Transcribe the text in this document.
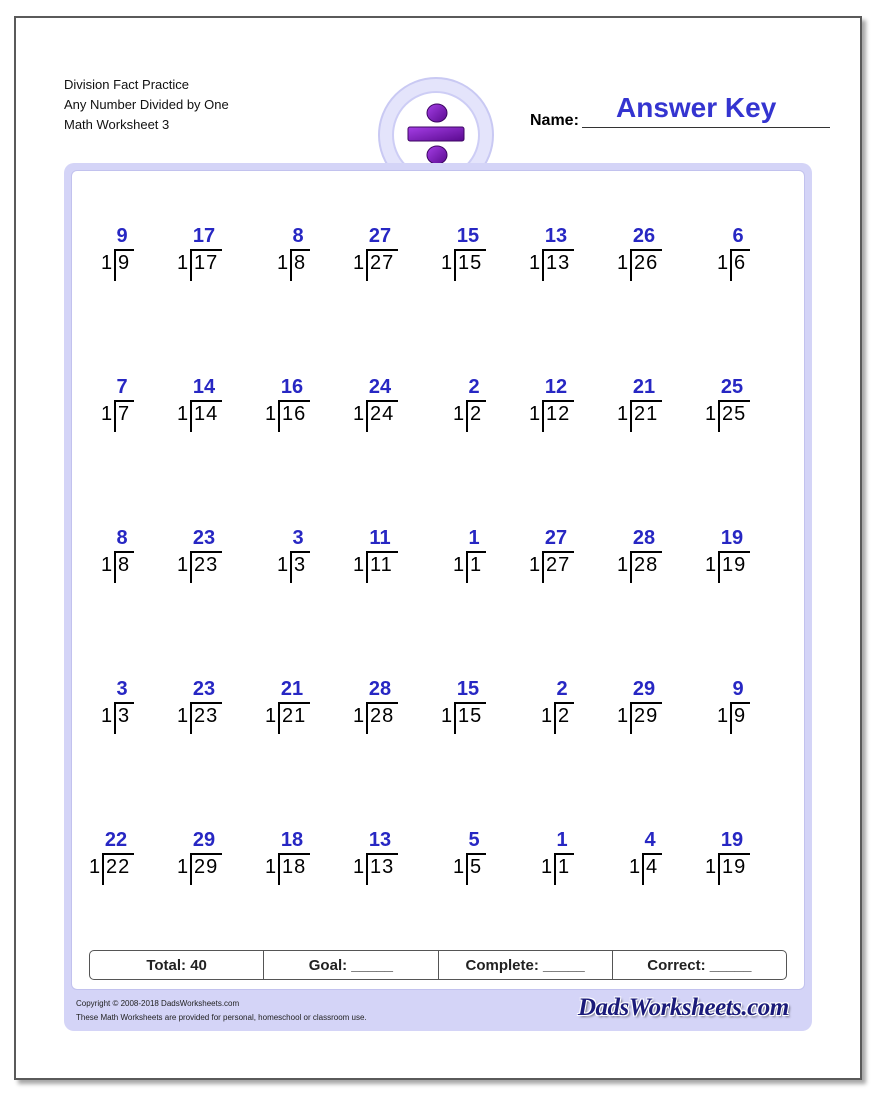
Division Fact Practice
Any Number Divided by One
Math Worksheet 3	Name: Answer Key
9
1 9
17
1 17
8
1 8
27
1 27
15
1 15
13
1 13
26
1 26
6
1 6
7
1 7
14
1 14
16
1 16
24
1 24
2
1 2
12
1 12
21
1 21
25
1 25
8
1 8
23
1 23
3
1 3
11
1 11
1
1 1
27
1 27
28
1 28
19
1 19
3
1 3
23
1 23
21
1 21
28
1 28
15
1 15
2
1 2
29
1 29
9
1 9
22
1 22
29
1 29
18
1 18
13
1 13
5
1 5
1
1 1
4
1 4
19
1 19
Total: 40	Goal: _____	Complete: _____	Correct: _____
Copyright © 2008-2018 DadsWorksheets.com
These Math Worksheets are provided for personal, homeschool or classroom use.	DadsWorksheets.com
